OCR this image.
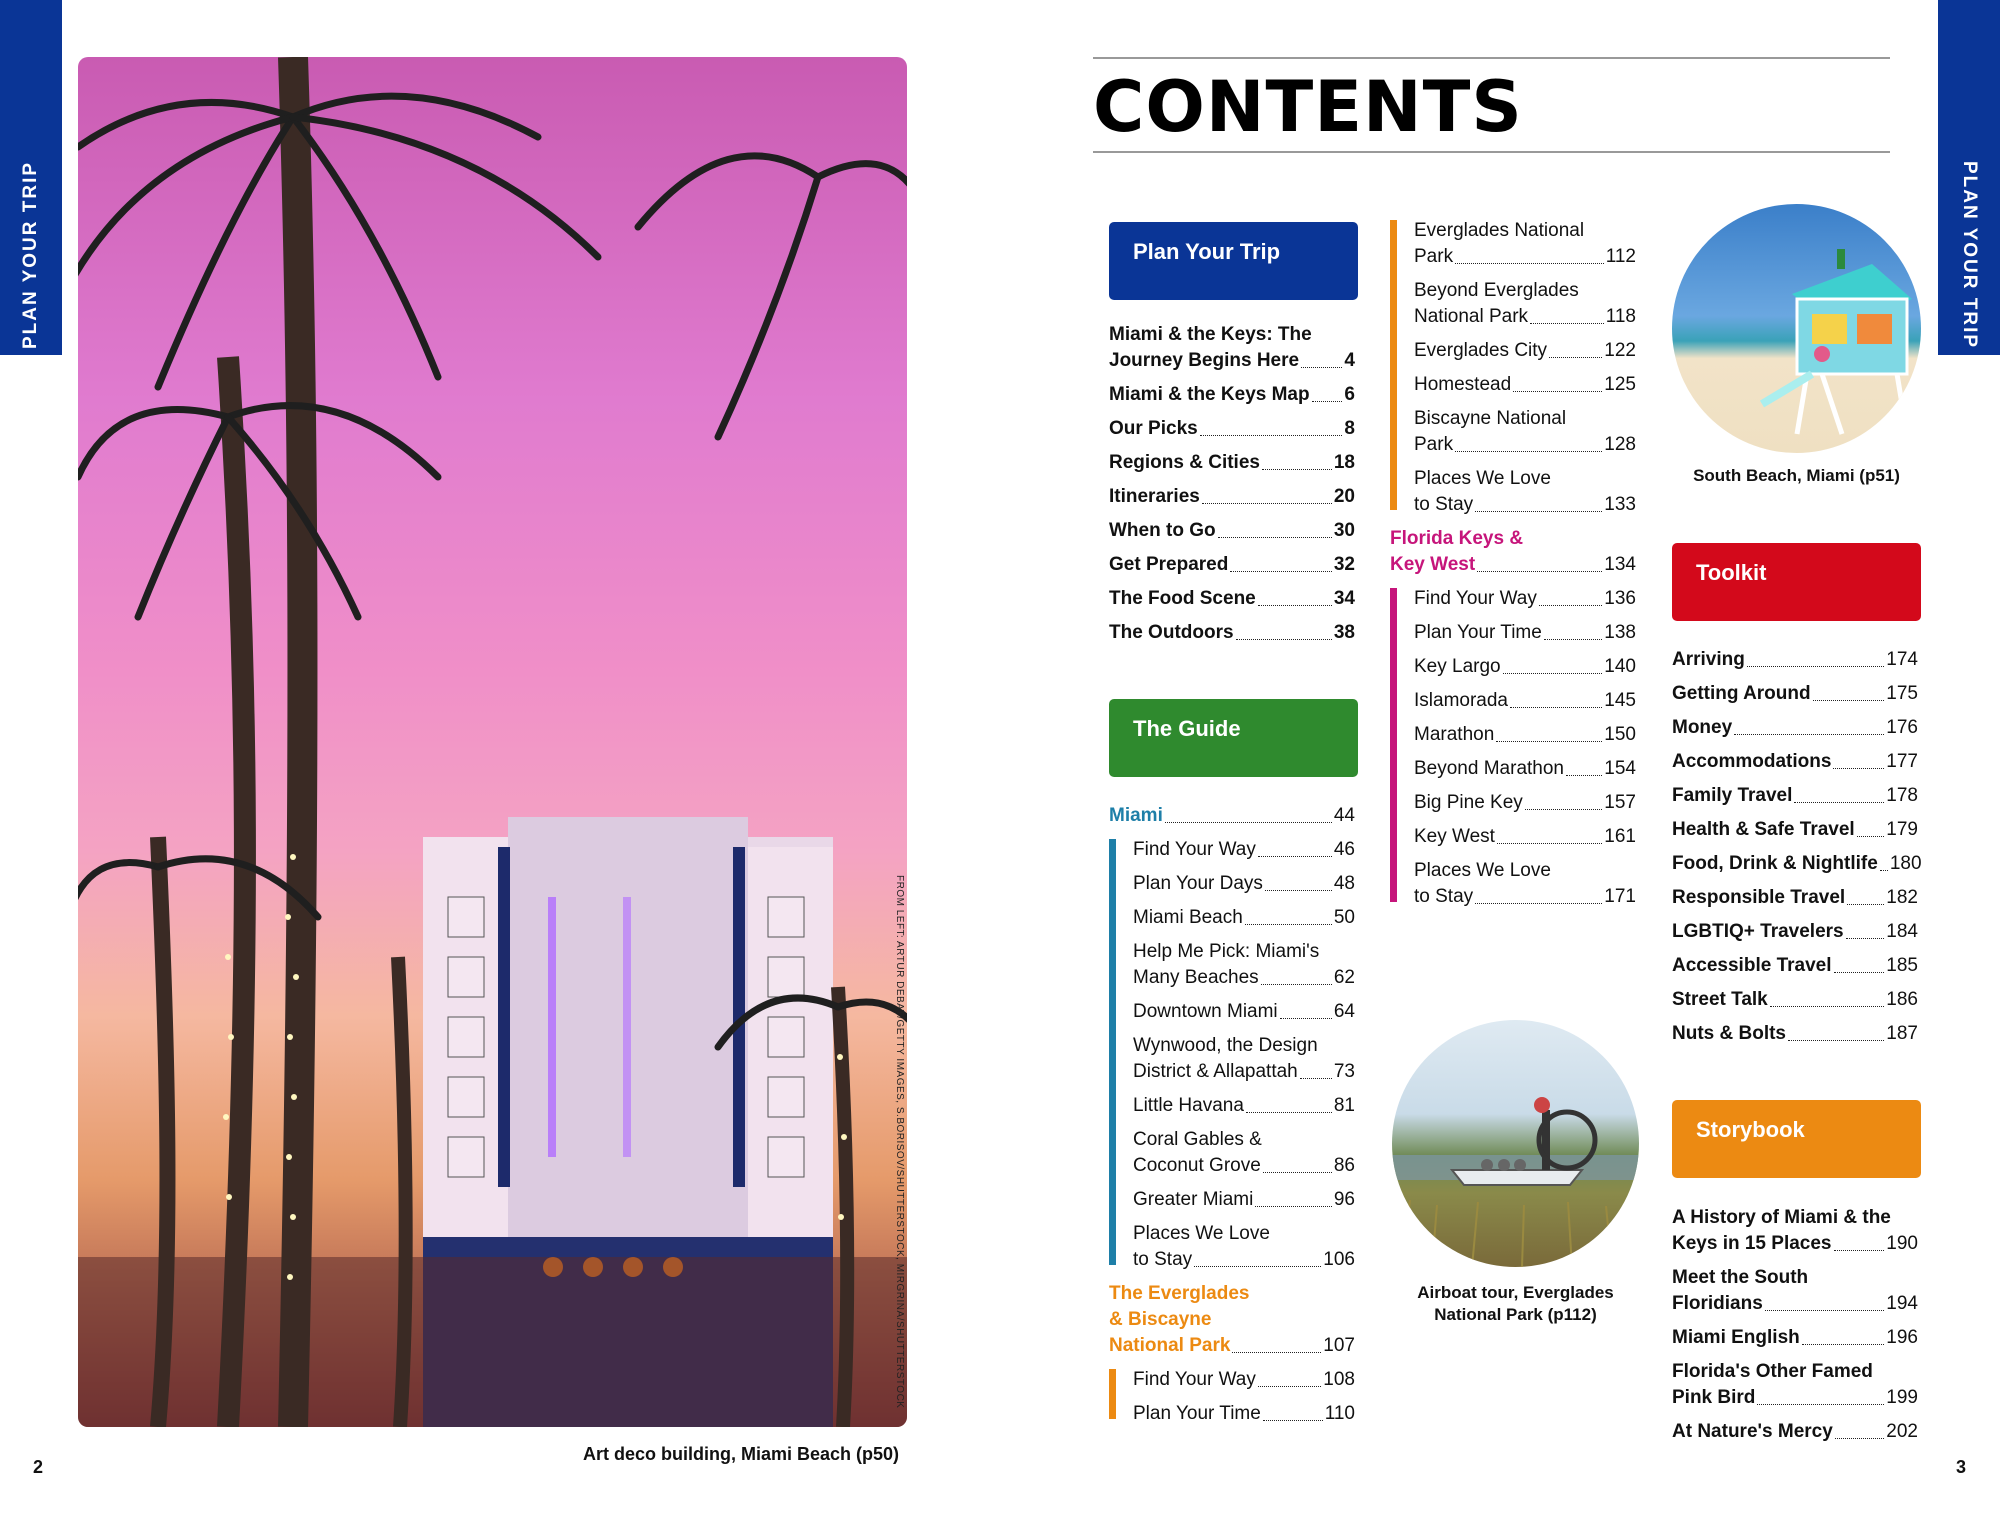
PLAN YOUR TRIP	PLAN YOUR TRIP
FROM LEFT: ARTUR DEBAT/GETTY IMAGES, S.BORISOV/SHUTTERSTOCK, MIRGRINA/SHUTTERSTOCK
Art deco building, Miami Beach (p50)
2	3
CONTENTS
Plan Your Trip
Miami & the Keys: The
Journey Begins Here 4
Miami & the Keys Map 6
Our Picks	8
Regions & Cities	18
Itineraries	20
When to Go	30
Get Prepared	32
The Food Scene	34
The Outdoors	38
The Guide
Miami	44
Find Your Way	46
Plan Your Days	48
Miami Beach	50
Help Me Pick: Miami's
Many Beaches	62
Downtown Miami	64
Wynwood, the Design
District & Allapattah 73
Little Havana	81
Coral Gables &
Coconut Grove	86
Greater Miami	96
Places We Love
to Stay	106
The Everglades
& Biscayne
National Park	107
Find Your Way	108
Plan Your Time	110
Everglades National
Park	112
Beyond Everglades
National Park	118
Everglades City	122
Homestead	125
Biscayne National
Park	128
Places We Love
to Stay	133
Florida Keys &
Key West	134
Find Your Way	136
Plan Your Time	138
Key Largo	140
Islamorada	145
Marathon	150
Beyond Marathon 154
Big Pine Key	157
Key West	161
Places We Love
to Stay	171
Airboat tour, Everglades
National Park (p112)
South Beach, Miami (p51)
Toolkit
Arriving	174
Getting Around	175
Money	176
Accommodations	177
Family Travel	178
Health & Safe Travel 179
Food, Drink & Nightlife 180
Responsible Travel 182
LGBTIQ+ Travelers 184
Accessible Travel	185
Street Talk	186
Nuts & Bolts	187
Storybook
A History of Miami & the
Keys in 15 Places	190
Meet the South
Floridians	194
Miami English	196
Florida's Other Famed
Pink Bird	199
At Nature's Mercy	202
